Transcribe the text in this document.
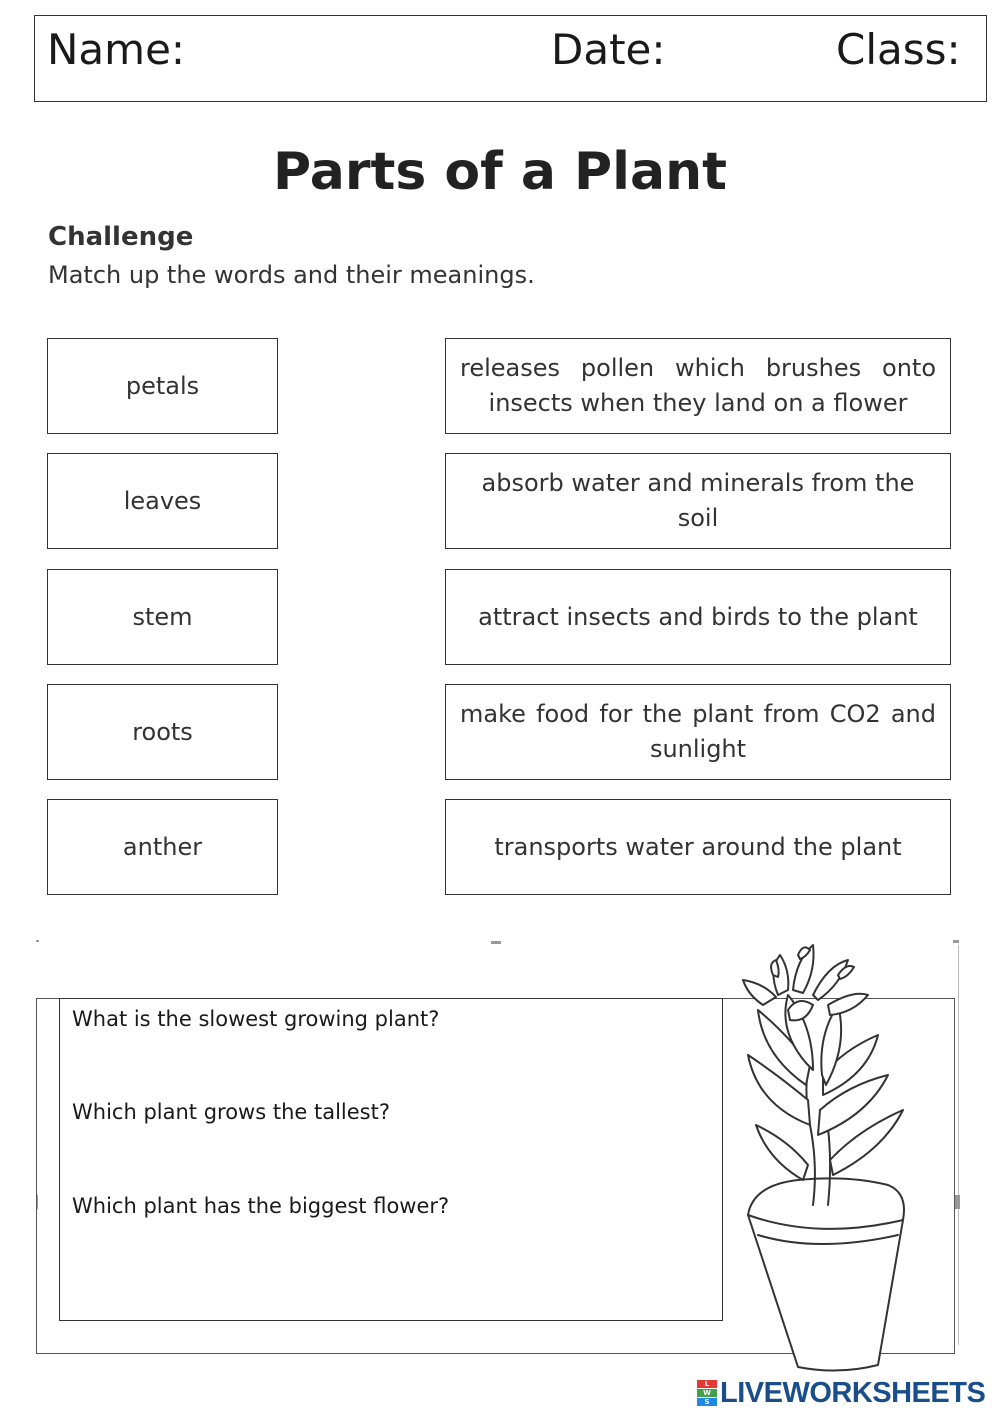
Name:	Date:	Class:
Parts of a Plant
Challenge
Match up the words and their meanings.
petals
leaves
stem
roots
anther
releases pollen which brushes onto insects when they land on a flower
absorb water and minerals from the soil
attract insects and birds to the plant
make food for the plant from CO2 and sunlight
transports water around the plant
What is the slowest growing plant?
Which plant grows the tallest?
Which plant has the biggest flower?
L
W
S LIVEWORKSHEETS
